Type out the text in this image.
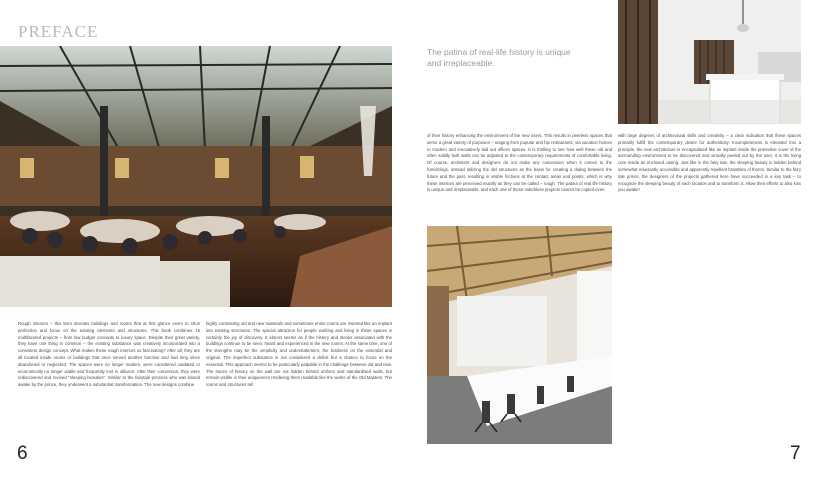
PREFACE
The patina of real-life history is unique and irreplaceable.
Rough interiors – this term denotes buildings and rooms that at first glance seem to shun perfection and focus on the existing elements and structures. This book combines 15 multifaceted projects – from low budget concepts to luxury space. Despite their great variety, they have one thing in common – the existing substance was creatively incorporated into a consistent design concept. What makes these rough interiors so fascinating? After all, they are all located inside rooms or buildings that once served another function and had long since abandoned or neglected. The spaces were no longer modern, were considered outdated or economically no longer viable and frequently lost in oblivion. After their conversion, they were rediscovered and revived "sleeping beauties". Similar to the fairytale princess who was kissed awake by the prince, they underwent a substantial transformation. The new designs combine
highly contrasting old and new materials and sometimes entire rooms are inserted like an implant into existing structures. The special attraction for people working and living in these spaces is certainly the joy of discovery. It almost seems as if the history and stories associated with the buildings continue to be seen, heard and experienced in the new rooms. At the same time, one of the strengths may be the simplicity and understatement, the boldness on the essential and original. The imperfect substance is not considered a deficit but a chance to focus on the essential. This approach seems to be particularly palpable in the challenge between old and new. The traces of history on the wall are not hidden behind uniform and standardised walls, but remain visible in their uniqueness rendering them readable like the works of the Old Masters. The rooms and structures tell
of their history enhancing the environment of the new users. This results in peerless spaces that serve a great variety of purposes – ranging from popular and hip restaurants, via vacation homes to modern and innovatively laid out offices spaces. It is thrilling to see how well these old and often solidly built walls can be adjusted to the contemporary requirements of comfortable living. Of course, architects and designers do not make any concession when it comes to the furnishings, instead utilizing the old structures as the basis for creating a dialog between the future and the past, resulting in visible frictions at the contact areas and points, which is why these interiors are perceived exactly as they can be called – rough. The patina of real life history is unique and irreplaceable, and each one of these matchless projects cannot be copied even
with large degrees of architectural skills and creativity – a clear indication that these spaces primarily fulfill the contemporary desire for authenticity. Incompleteness is elevated into a principle, the new architecture is encapsulated like an implant inside the protective cover of the surrounding environment to be discovered and virtually peeled out by the user, it is the living core inside an enclosed casing. Just like in the fairy tale, the sleeping beauty is hidden behind somewhat reluctantly accessible and apparently repellent brambles of thorns. Similar to the fairy tale prince, the designers of the projects gathered here have succeeded in a key task – to recognize the sleeping beauty of each location and to transform it. Allow their efforts to also kiss you awake!
6	7
